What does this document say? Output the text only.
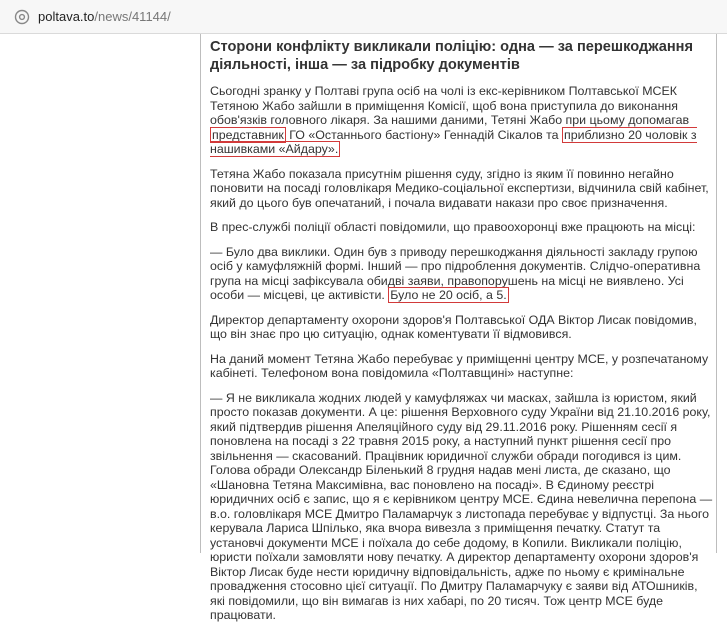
poltava.to/news/41144/
Сторони конфлікту викликали поліцію: одна — за перешкоджання діяльності, інша — за підробку документів

Сьогодні зранку у Полтаві група осіб на чолі із екс-керівником Полтавської МСЕК Тетяною Жабо зайшли в приміщення Комісії, щоб вона приступила до виконання обов'язків головного лікаря. За нашими даними, Тетяні Жабо при цьому допомагав представник ГО «Останнього бастіону» Геннадій Сікалов та приблизно 20 чоловік з нашивками «Айдару».

Тетяна Жабо показала присутнім рішення суду, згідно із яким її повинно негайно поновити на посаді головлікаря Медико-соціальної експертизи, відчинила свій кабінет, який до цього був опечатаний, і почала видавати накази про своє призначення.

В прес-службі поліції області повідомили, що правоохоронці вже працюють на місці:

— Було два виклики. Один був з приводу перешкоджання діяльності закладу групою осіб у камуфляжній формі. Інший — про підроблення документів. Слідчо-оперативна група на місці зафіксувала обидві заяви, правопорушень на місці не виявлено. Усі особи — місцеві, це активісти. Було не 20 осіб, а 5.

Директор департаменту охорони здоров'я Полтавської ОДА Віктор Лисак повідомив, що він знає про цю ситуацію, однак коментувати її відмовився.

На даний момент Тетяна Жабо перебуває у приміщенні центру МСЕ, у розпечатаному кабінеті. Телефоном вона повідомила «Полтавщині» наступне:

— Я не викликала жодних людей у камуфляжах чи масках, зайшла із юристом, який просто показав документи. А це: рішення Верховного суду України від 21.10.2016 року, який підтвердив рішення Апеляційного суду від 29.11.2016 року. Рішенням сесії я поновлена на посаді з 22 травня 2015 року, а наступний пункт рішення сесії про звільнення — скасований. Працівник юридичної служби обради погодився із цим. Голова обради Олександр Біленький 8 грудня надав мені листа, де сказано, що «Шановна Тетяна Максимівна, вас поновлено на посаді». В Єдиному реєстрі юридичних осіб є запис, що я є керівником центру МСЕ. Єдина невелична перепона — в.о. головлікаря МСЕ Дмитро Паламарчук з листопада перебуває у відпустці. За нього керувала Лариса Шпілько, яка вчора вивезла з приміщення печатку. Статут та установчі документи МСЕ і поїхала до себе додому, в Копили. Викликали поліцію, юристи поїхали замовляти нову печатку. А директор департаменту охорони здоров'я Віктор Лисак буде нести юридичну відповідальність, адже по ньому є кримінальне провадження стосовно цієї ситуації. По Дмитру Паламарчуку є заяви від АТОшників, які повідомили, що він вимагав із них хабарі, по 20 тисяч. Тож центр МСЕ буде працювати.
